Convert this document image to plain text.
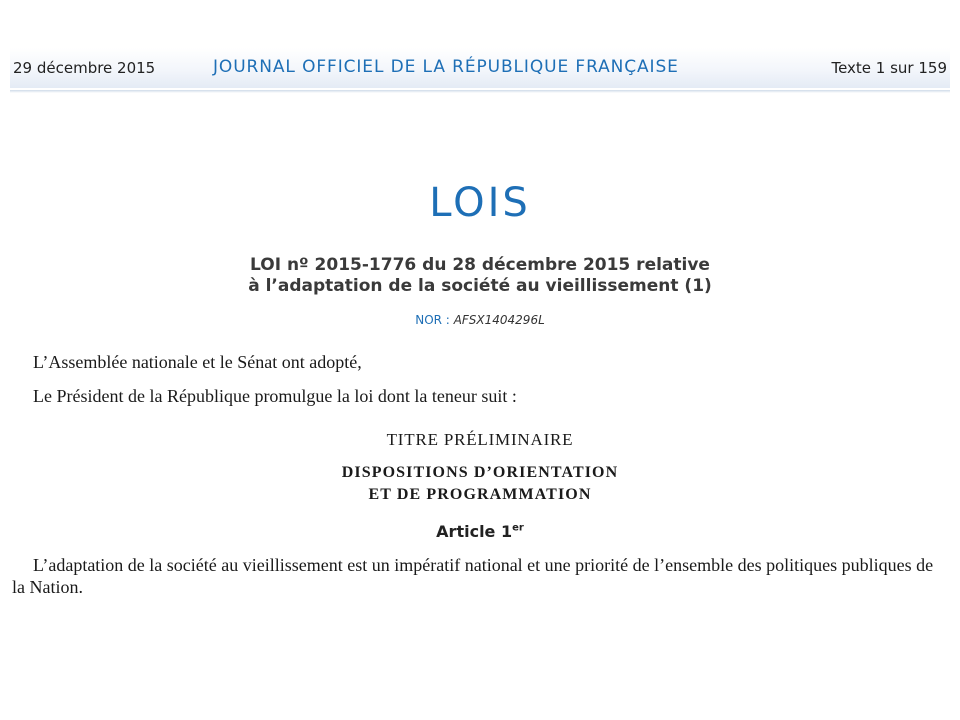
29 décembre 2015	JOURNAL OFFICIEL DE LA RÉPUBLIQUE FRANÇAISE	Texte 1 sur 159
LOIS
LOI nº 2015-1776 du 28 décembre 2015 relative
à l’adaptation de la société au vieillissement (1)
NOR : AFSX1404296L
L’Assemblée nationale et le Sénat ont adopté,
Le Président de la République promulgue la loi dont la teneur suit :
TITRE PRÉLIMINAIRE
DISPOSITIONS D’ORIENTATION
ET DE PROGRAMMATION
Article 1er
L’adaptation de la société au vieillissement est un impératif national et une priorité de l’ensemble des politiques publiques de la Nation.
